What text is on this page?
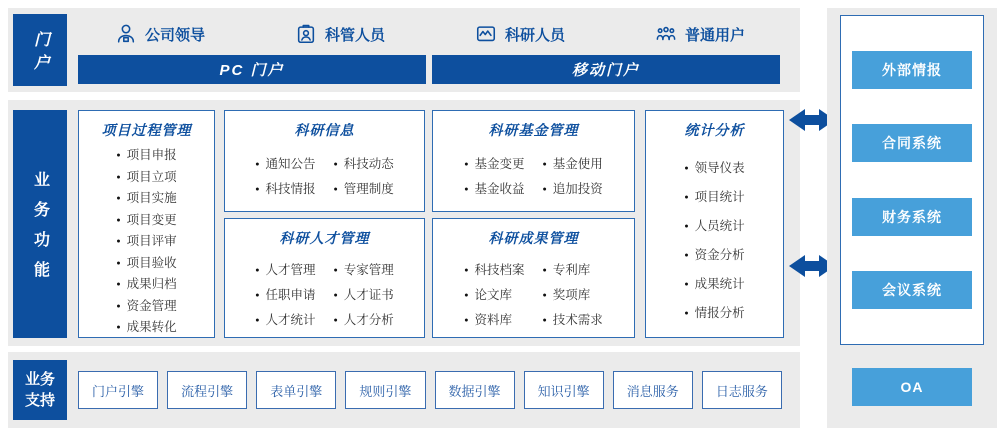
门户	公司领导	科管人员	科研人员	普通用户
PC 门户	移动门户
业务功能
项目过程管理
● 项目申报
● 项目立项
● 项目实施
● 项目变更
● 项目评审
● 项目验收
● 成果归档
● 资金管理
● 成果转化
科研信息
● 通知公告
● 科技情报
● 科技动态
● 管理制度
科研人才管理
● 人才管理
● 任职申请
● 人才统计
● 专家管理
● 人才证书
● 人才分析
科研基金管理
● 基金变更
● 基金收益
● 基金使用
● 追加投资
科研成果管理
● 科技档案
● 论文库
● 资料库
● 专利库
● 奖项库
● 技术需求
统计分析
● 领导仪表
● 项目统计
● 人员统计
● 资金分析
● 成果统计
● 情报分析
外部情报
合同系统
财务系统
会议系统
OA
业务
支持
门户引擎	流程引擎	表单引擎	规则引擎	数据引擎	知识引擎	消息服务	日志服务
